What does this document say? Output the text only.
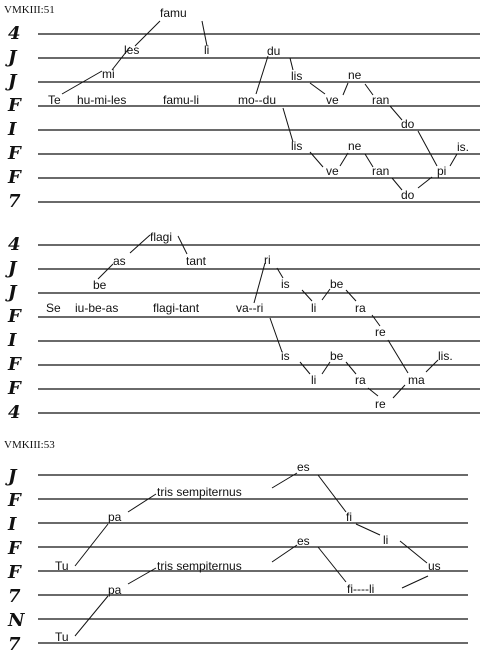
VMKIII:51
4
J
J
F
I
F
F
7
famu
les	li
mi
Te hu-mi-les	famu-li
du
mo--du
lis
ve
ne
ran
do
lis
ve
ne
ran
do
pi
is.
4
J
J
F
I
F
F
4
flagi
as	tant
be
Se iu-be-as	flagi-tant
ri
va--ri
is
li
be
ra
re
is
li
be
ra	ma
lis.
re
VMKIII:53
J
F
I
F
F
7
N
7
es
tris sempiternus
pa	fi
li
Tu
es
tris sempiternus
pa	fi----li
us
Tu
